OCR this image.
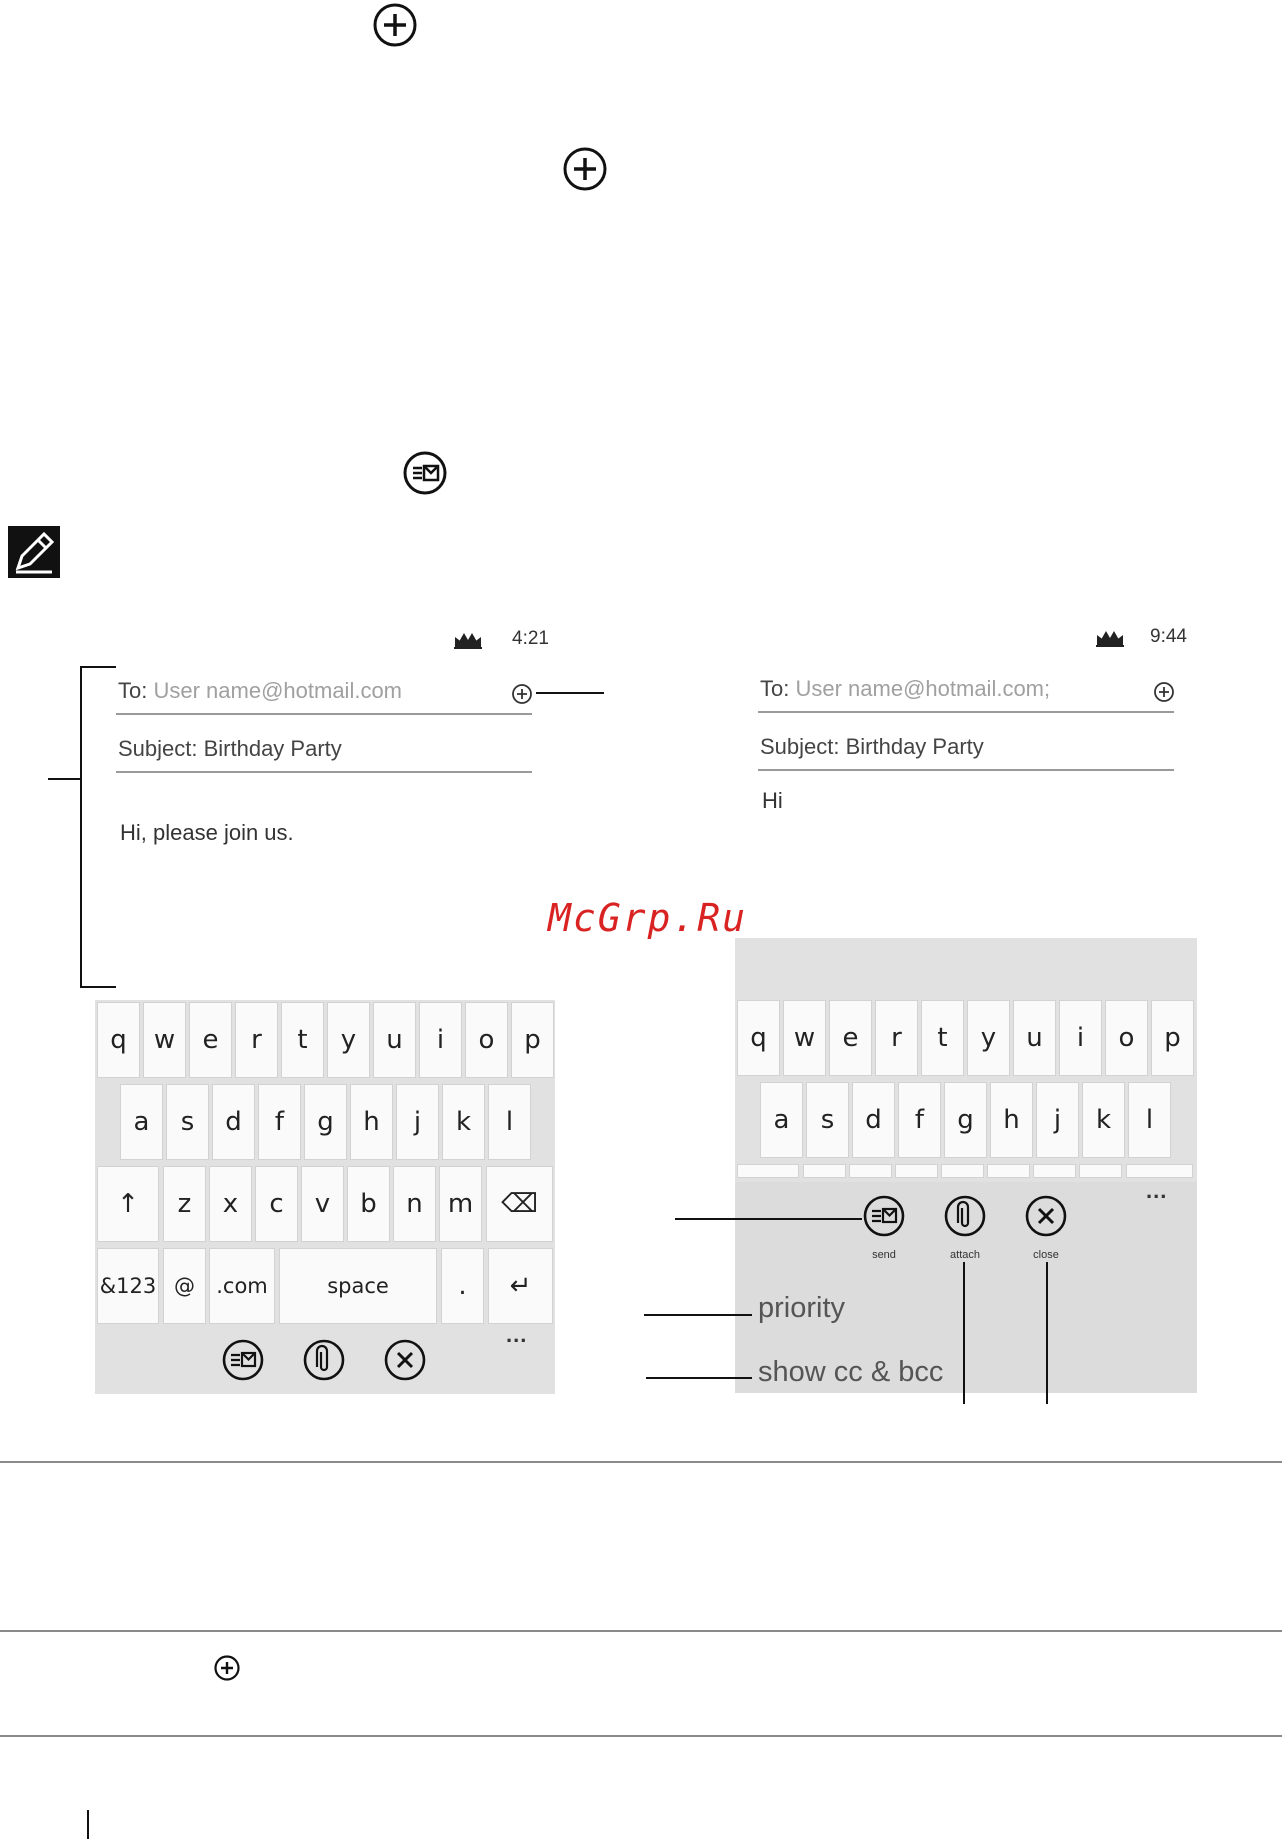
4:21
To: User name@hotmail.com
Subject: Birthday Party
Hi, please join us.
q	w	e	r	t	y	u	i	o	p
a	s	d	f	g	h	j	k	l
↑	z	x	c	v	b	n m	⌫
&123 @	.com	space	.	↵
...
9:44
To: User name@hotmail.com;
Subject: Birthday Party
Hi
q	w	e	r	t	y	u	i	o	p
a	s	d	f	g	h	j	k	l
send	attach	close
...
priority
show cc & bcc
McGrp.Ru
